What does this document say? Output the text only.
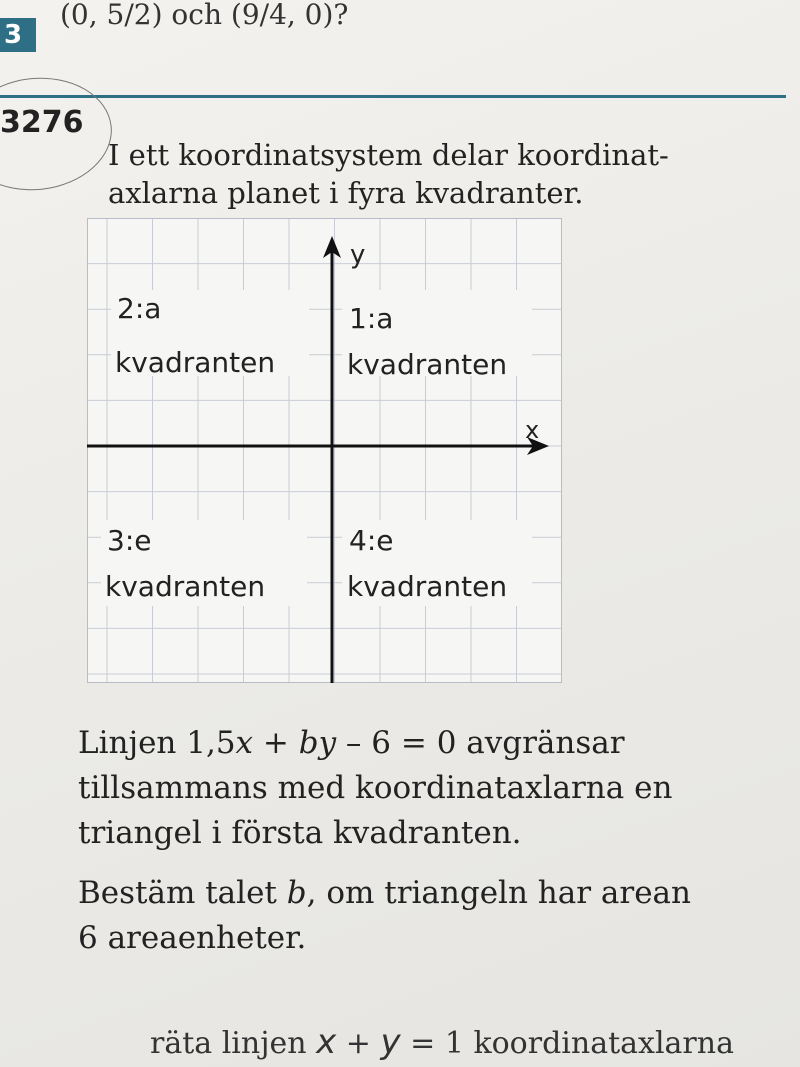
(0, 5/2) och (9/4, 0)?
3
3276
I ett koordinatsystem delar koordinat-
axlarna planet i fyra kvadranter.
x
y
2:a
kvadranten
1:a
kvadranten
3:e
kvadranten
4:e
kvadranten
Linjen 1,5x + by – 6 = 0 avgränsar
tillsammans med koordinataxlarna en
triangel i första kvadranten.
Bestäm talet b, om triangeln har arean
6 areaenheter.
räta linjen x + y = 1 koordinataxlarna
